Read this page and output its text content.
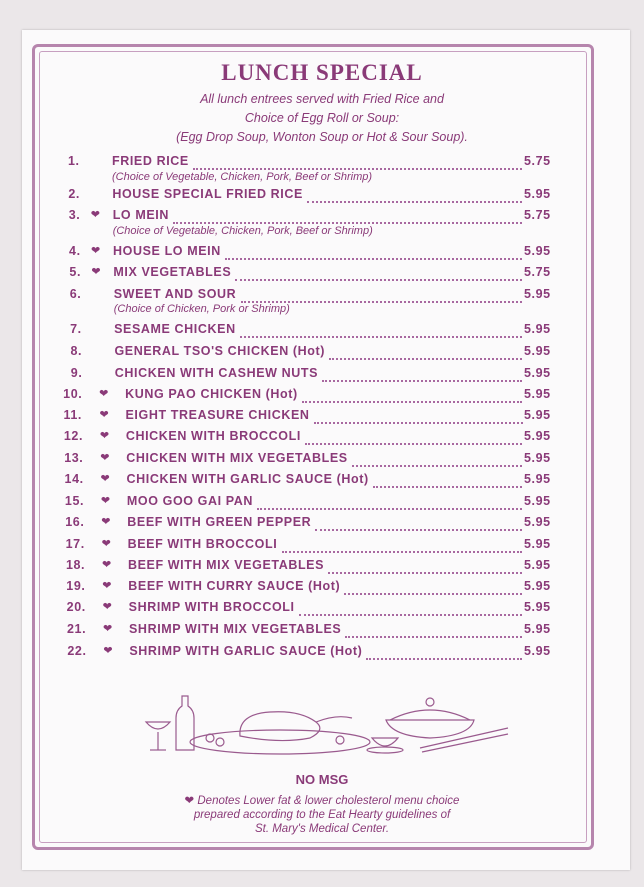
LUNCH SPECIAL
All lunch entrees served with Fried Rice and
Choice of Egg Roll or Soup:
(Egg Drop Soup, Wonton Soup or Hot & Sour Soup).
1.	FRIED RICE	5.75
(Choice of Vegetable, Chicken, Pork, Beef or Shrimp)
2.	HOUSE SPECIAL FRIED RICE	5.95
3. ❤ LO MEIN	5.75
(Choice of Vegetable, Chicken, Pork, Beef or Shrimp)
4. ❤ HOUSE LO MEIN	5.95
5. ❤ MIX VEGETABLES	5.75
6.	SWEET AND SOUR	5.95
(Choice of Chicken, Pork or Shrimp)
7.	SESAME CHICKEN	5.95
8.	GENERAL TSO'S CHICKEN (Hot)	5.95
9.	CHICKEN WITH CASHEW NUTS	5.95
10.	❤ KUNG PAO CHICKEN (Hot)	5.95
11.	❤ EIGHT TREASURE CHICKEN	5.95
12.	❤ CHICKEN WITH BROCCOLI	5.95
13.	❤ CHICKEN WITH MIX VEGETABLES	5.95
14.	❤ CHICKEN WITH GARLIC SAUCE (Hot)	5.95
15.	❤ MOO GOO GAI PAN	5.95
16.	❤ BEEF WITH GREEN PEPPER	5.95
17.	❤ BEEF WITH BROCCOLI	5.95
18.	❤ BEEF WITH MIX VEGETABLES	5.95
19.	❤ BEEF WITH CURRY SAUCE (Hot)	5.95
20.	❤ SHRIMP WITH BROCCOLI	5.95
21.	❤ SHRIMP WITH MIX VEGETABLES	5.95
22.	❤ SHRIMP WITH GARLIC SAUCE (Hot)	5.95
NO MSG
❤ Denotes Lower fat & lower cholesterol menu choice
prepared according to the Eat Hearty guidelines of
St. Mary's Medical Center.
